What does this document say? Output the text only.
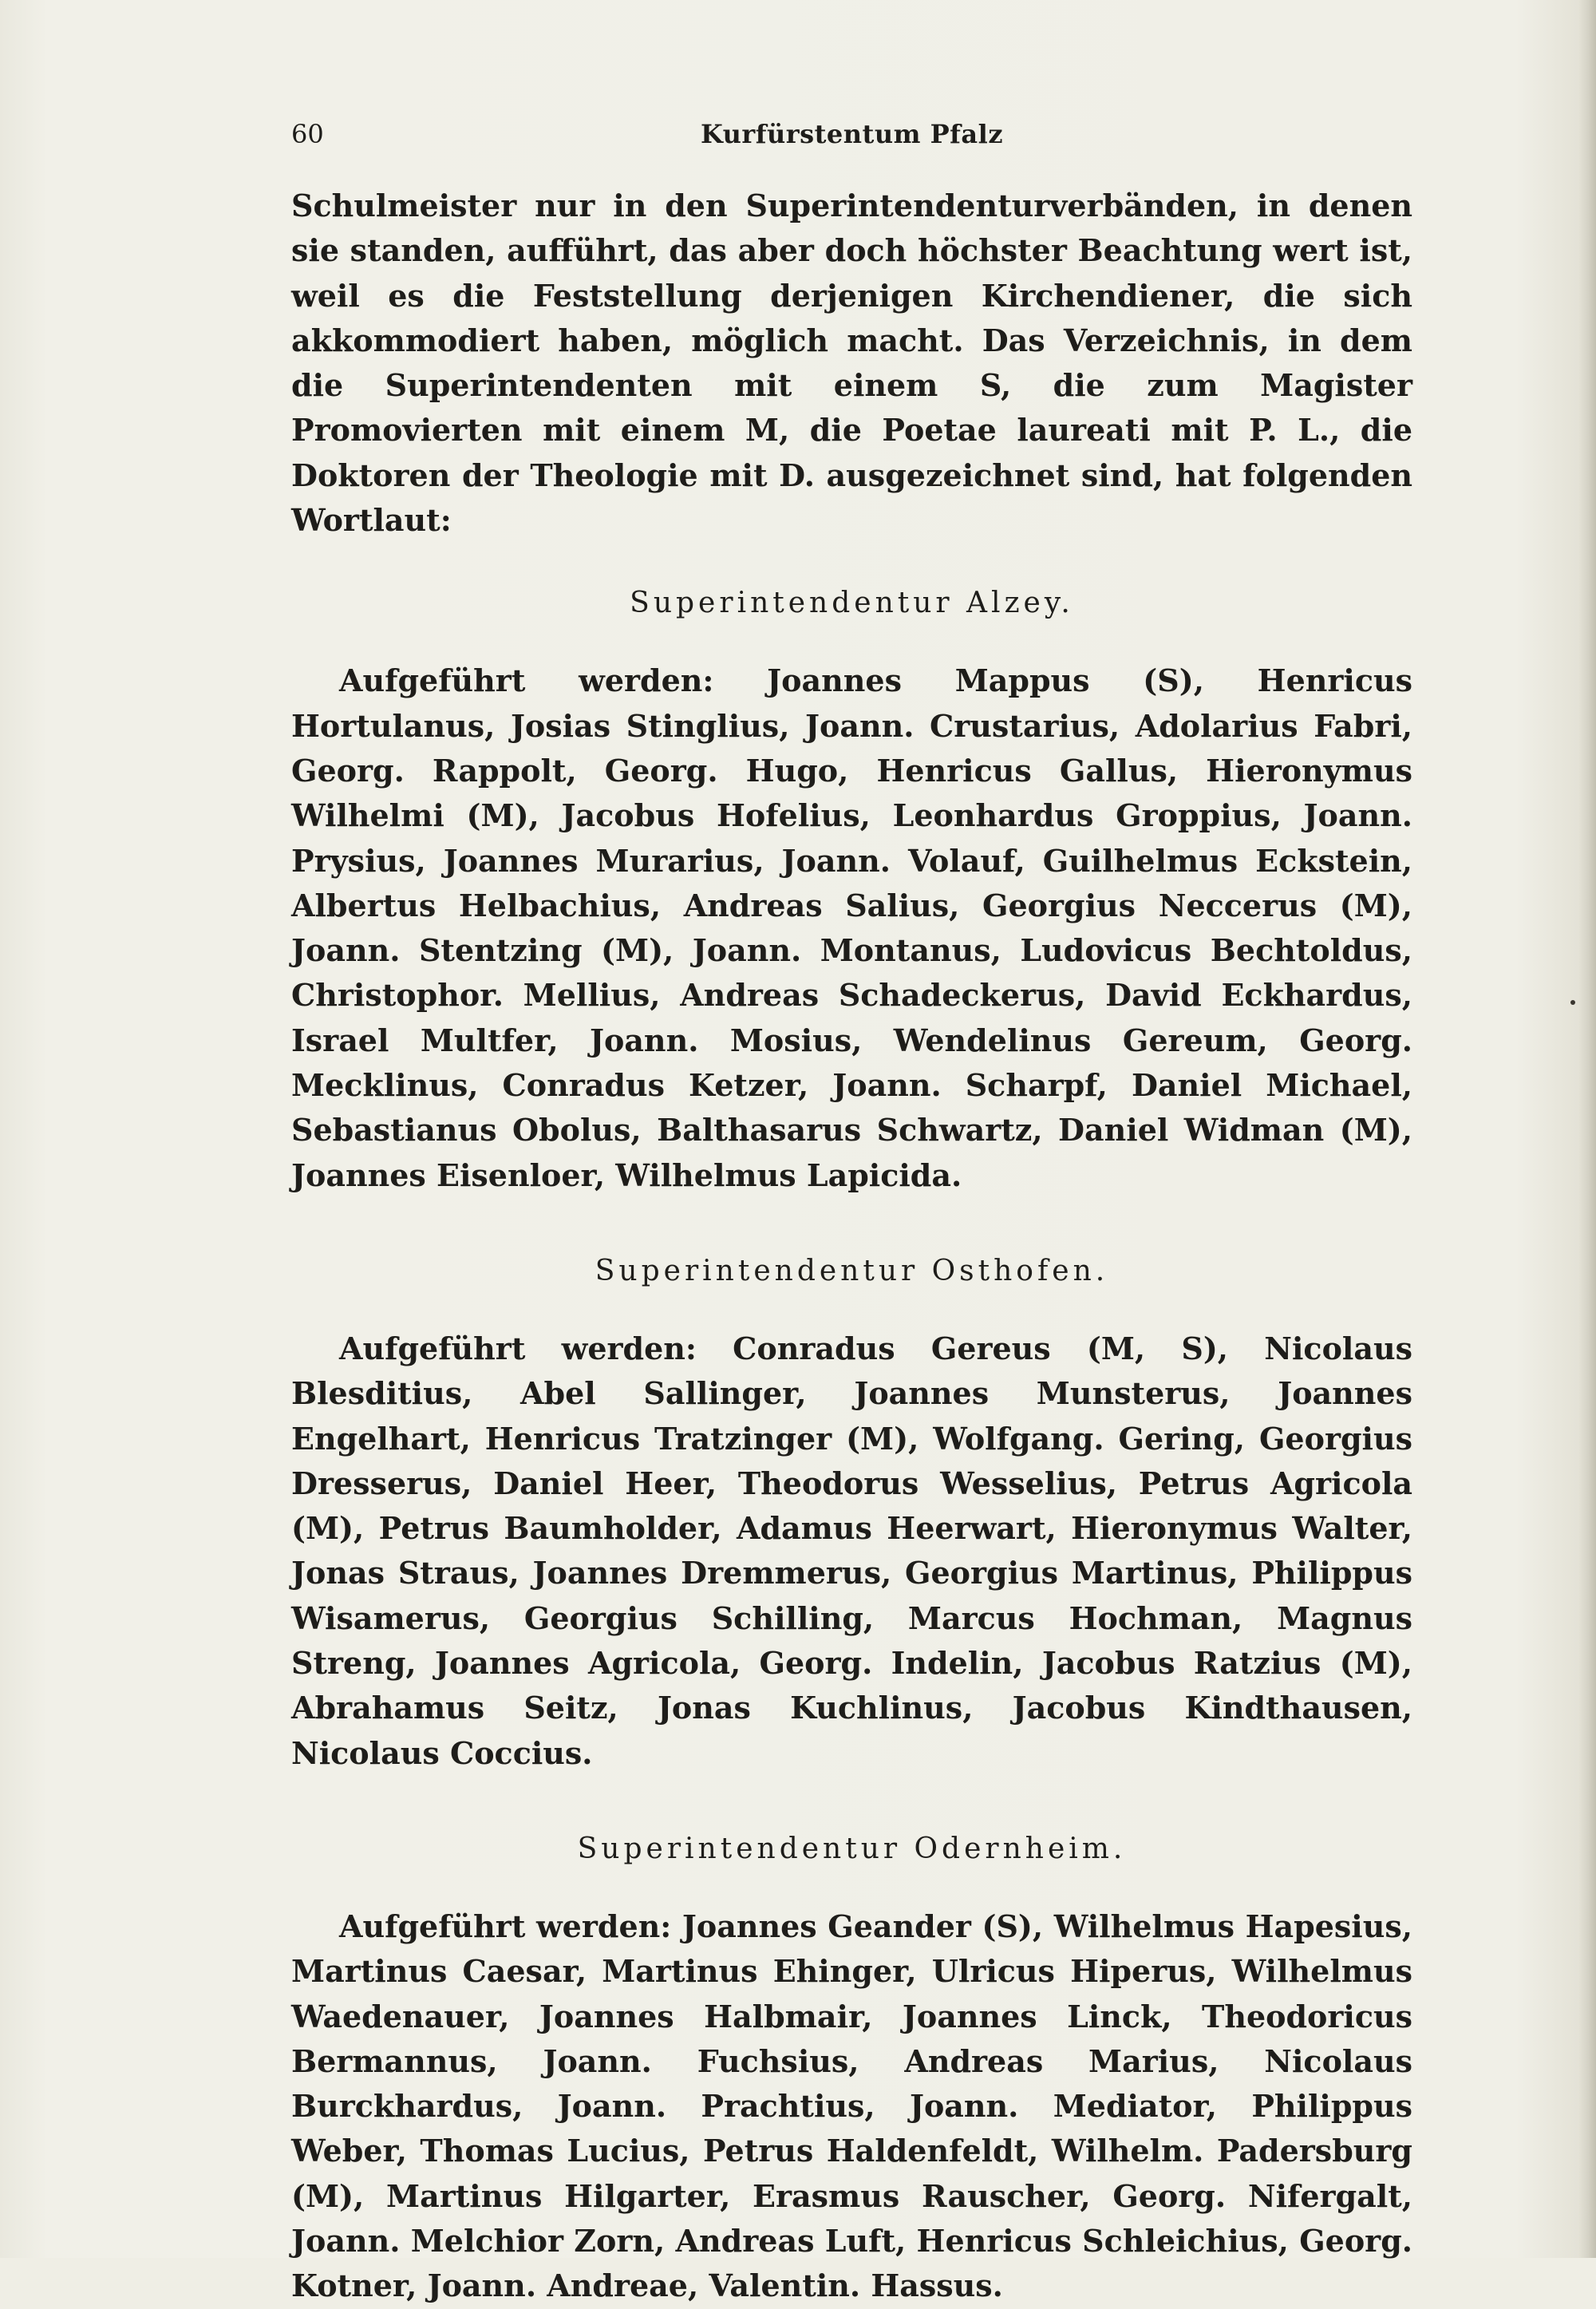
60	Kurfürstentum Pfalz

Schulmeister nur in den Superintendenturverbänden, in denen sie standen, aufführt, das aber doch höchster Beachtung wert ist, weil es die Feststellung derjenigen Kirchendiener, die sich akkommodiert haben, möglich macht. Das Verzeichnis, in dem die Superintendenten mit einem S, die zum Magister Promovierten mit einem M, die Poetae laureati mit P. L., die Doktoren der Theologie mit D. ausgezeichnet sind, hat folgenden Wortlaut:

Superintendentur Alzey.

Aufgeführt werden: Joannes Mappus (S), Henricus Hortulanus, Josias Stinglius, Joann. Crustarius, Adolarius Fabri, Georg. Rappolt, Georg. Hugo, Henricus Gallus, Hieronymus Wilhelmi (M), Jacobus Hofelius, Leonhardus Groppius, Joann. Prysius, Joannes Murarius, Joann. Volauf, Guilhelmus Eckstein, Albertus Helbachius, Andreas Salius, Georgius Neccerus (M), Joann. Stentzing (M), Joann. Montanus, Ludovicus Bechtoldus, Christophor. Mellius, Andreas Schadeckerus, David Eckhardus, Israel Multfer, Joann. Mosius, Wendelinus Gereum, Georg. Mecklinus, Conradus Ketzer, Joann. Scharpf, Daniel Michael, Sebastianus Obolus, Balthasarus Schwartz, Daniel Widman (M), Joannes Eisenloer, Wilhelmus Lapicida.

Superintendentur Osthofen.

Aufgeführt werden: Conradus Gereus (M, S), Nicolaus Blesditius, Abel Sallinger, Joannes Munsterus, Joannes Engelhart, Henricus Tratzinger (M), Wolfgang. Gering, Georgius Dresserus, Daniel Heer, Theodorus Wesselius, Petrus Agricola (M), Petrus Baumholder, Adamus Heerwart, Hieronymus Walter, Jonas Straus, Joannes Dremmerus, Georgius Martinus, Philippus Wisamerus, Georgius Schilling, Marcus Hochman, Magnus Streng, Joannes Agricola, Georg. Indelin, Jacobus Ratzius (M), Abrahamus Seitz, Jonas Kuchlinus, Jacobus Kindthausen, Nicolaus Coccius.

Superintendentur Odernheim.

Aufgeführt werden: Joannes Geander (S), Wilhelmus Hapesius, Martinus Caesar, Martinus Ehinger, Ulricus Hiperus, Wilhelmus Waedenauer, Joannes Halbmair, Joannes Linck, Theodoricus Bermannus, Joann. Fuchsius, Andreas Marius, Nicolaus Burckhardus, Joann. Prachtius, Joann. Mediator, Philippus Weber, Thomas Lucius, Petrus Haldenfeldt, Wilhelm. Padersburg (M), Martinus Hilgarter, Erasmus Rauscher, Georg. Nifergalt, Joann. Melchior Zorn, Andreas Luft, Henricus Schleichius, Georg. Kotner, Joann. Andreae, Valentin. Hassus.
